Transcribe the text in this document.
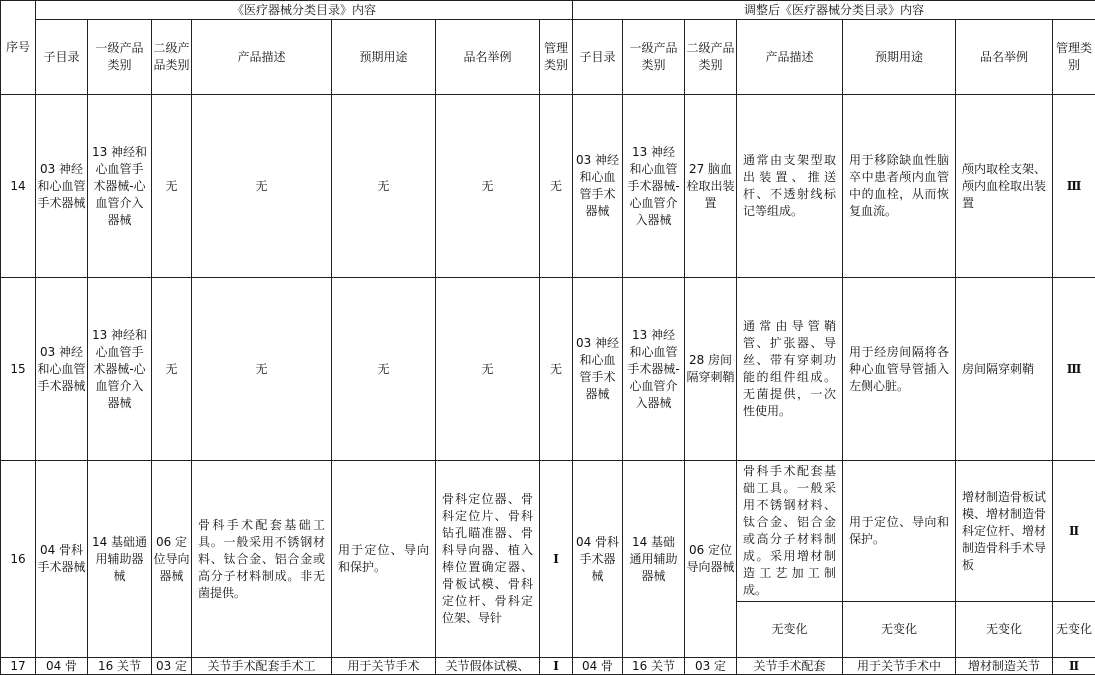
序号	《医疗器械分类目录》内容							调整后《医疗器械分类目录》内容						
	子目录	一级产品类别	二级产品类别	产品描述	预期用途	品名举例	管理类别	子目录	一级产品类别	二级产品类别	产品描述	预期用途	品名举例	管理类别
14	03 神经和心血管手术器械	13 神经和心血管手术器械-心血管介入器械	无	无	无	无	无	03 神经和心血管手术器械	13 神经和心血管手术器械-心血管介入器械	27 脑血栓取出装置	通常由支架型取出装置、推送杆、不透射线标记等组成。	用于移除缺血性脑卒中患者颅内血管中的血栓，从而恢复血流。	颅内取栓支架、颅内血栓取出装置	Ⅲ
15	03 神经和心血管手术器械	13 神经和心血管手术器械-心血管介入器械	无	无	无	无	无	03 神经和心血管手术器械	13 神经和心血管手术器械-心血管介入器械	28 房间隔穿刺鞘	通常由导管鞘管、扩张器、导丝、带有穿刺功能的组件组成。无菌提供，一次性使用。	用于经房间隔将各种心血管导管插入左侧心脏。	房间隔穿刺鞘	Ⅲ
16	04 骨科手术器械	14 基础通用辅助器械	06 定位导向器械	骨科手术配套基础工具。一般采用不锈钢材料、钛合金、铝合金或高分子材料制成。非无菌提供。	用于定位、导向和保护。	骨科定位器、骨科定位片、骨科钻孔瞄准器、骨科导向器、植入棒位置确定器、骨板试模、骨科定位杆、骨科定位架、导针	I	04 骨科手术器械	14 基础通用辅助器械	06 定位导向器械	骨科手术配套基础工具。一般采用不锈钢材料、钛合金、铝合金或高分子材料制成。采用增材制造工艺加工制成。	用于定位、导向和保护。	增材制造骨板试模、增材制造骨科定位杆、增材制造骨科手术导板	Ⅱ
											无变化	无变化	无变化	无变化
17	04 骨	16 关节	03 定	关节手术配套手术工	用于关节手术	关节假体试模、	I	04 骨	16 关节	03 定	关节手术配套	用于关节手术中	增材制造关节	Ⅱ
